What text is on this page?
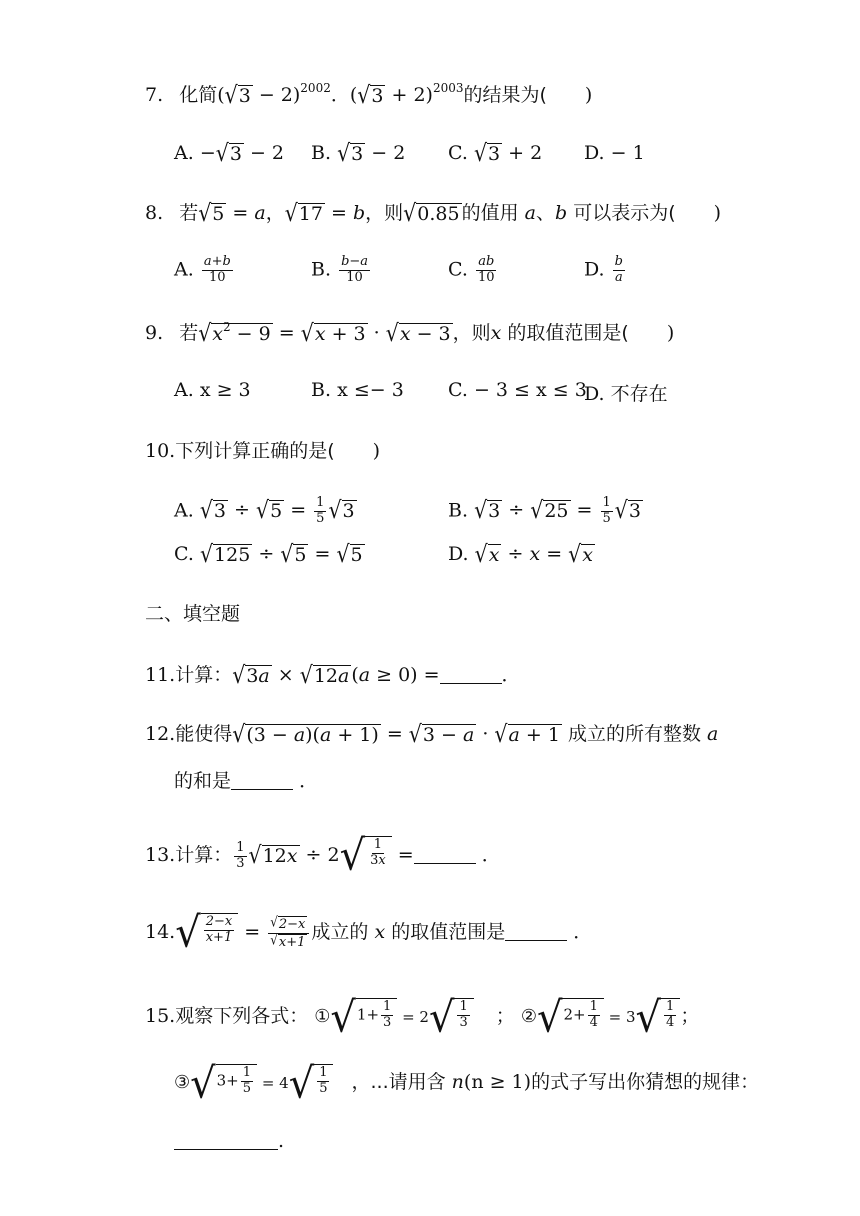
7. 化简( √ 3 − 2)$^{2002}$．( √ 3 + 2)$^{2003}$的结果为( )
A. − √ 3 − 2 B. √ 3 − 2 C. √ 3 + 2 D. − 1
8. 若 √ 5 = a， √ 17 = b，则 √ 0.85 的值用 a、b 可以表示为( )
A. $\frac{a+b}{10}$	B. $\frac{b-a}{10}$	C. $\frac{ab}{10}$	D. $\frac{b}{a}$
9. 若 √ $x^2 - 9$ = √ x + 3 · √ x − 3 ，则x 的取值范围是( )
A. x ≥ 3	B. x ≤− 3 C. − 3 ≤ x ≤ 3
D. 不存在
10.下列计算正确的是( )
A. √ 3 ÷ √ $5 = \frac{1}{5}$ √ 3	B. √ 3 ÷ √ $25 = \frac{1}{5}$ √ 3
C. √ 125 ÷ √ 5 = √ 5	D. √ x ÷ x = √ x
二、填空题
11.计算： √ 3a × √ 12a (a ≥ 0) =	．
12.能使得 √ (3 − a)(a + 1) = √ 3 − a · √ a + 1 成立的所有整数 a
的和是	．
13.计算： $\frac{1}{3}$ √ 12x ÷ 2 √ $\frac{1}{3x}$ =	．
14. √ $\frac{2-x}{x+1} = \frac{√ 2-x}{√ x+1}$ 成立的 x 的取值范围是	．
15.观察下列各式： ① √ $1+ \frac{1}{3} = 2$ √ $\frac{1}{3}$ ； ② √ $2+ \frac{1}{4} = 3$ √ $\frac{1}{4}$ ；
③ √ $3+ \frac{1}{5} = 4$ √ $\frac{1}{5}$ ，...请用含 n(n ≥ 1)的式子写出你猜想的规律：
.
